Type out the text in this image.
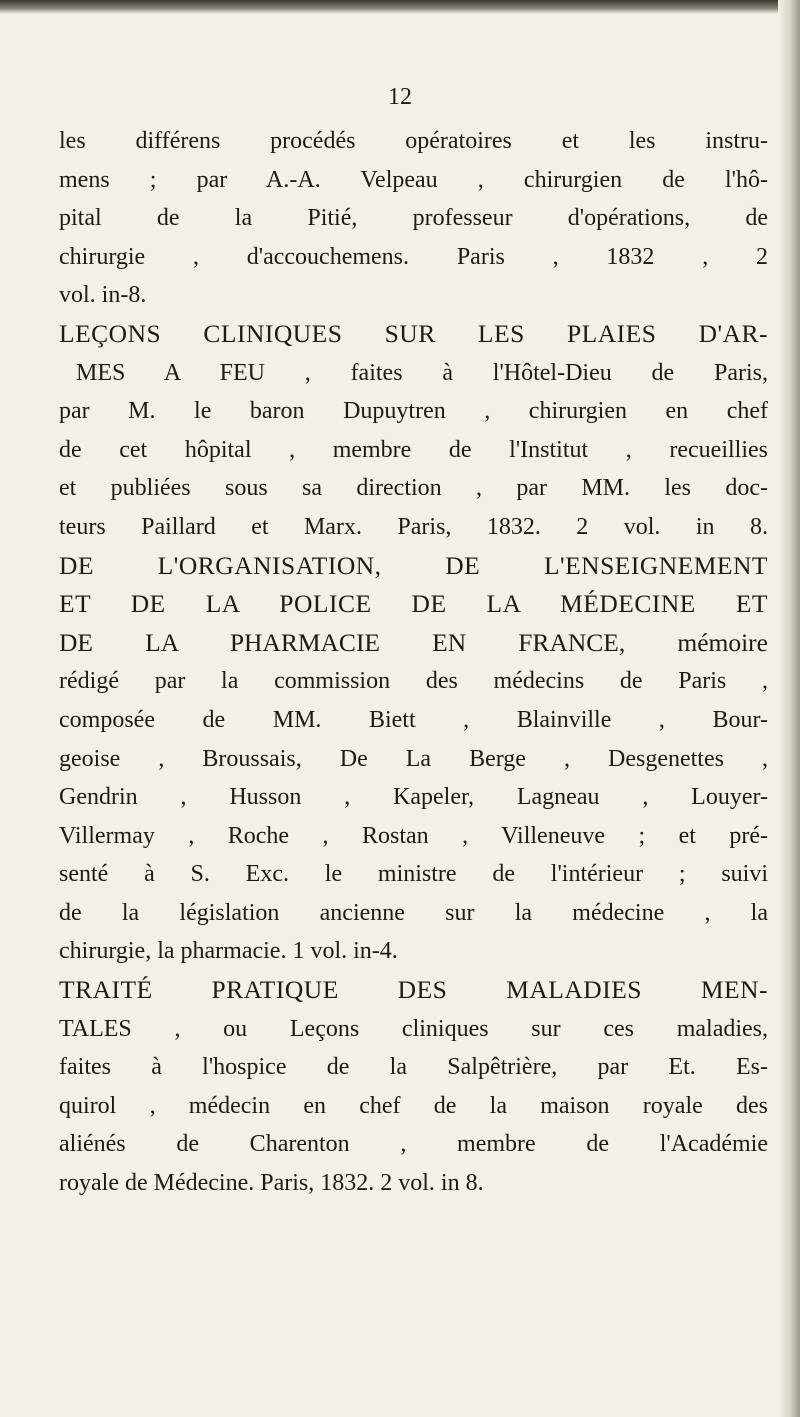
12
les différens procédés opératoires et les instru-
mens ; par A.-A. Velpeau , chirurgien de l'hô-
pital de la Pitié, professeur d'opérations, de
chirurgie , d'accouchemens. Paris , 1832 , 2
vol. in-8.
LEÇONS CLINIQUES SUR LES PLAIES D'AR-
MES A FEU , faites à l'Hôtel-Dieu de Paris,
par M. le baron Dupuytren , chirurgien en chef
de cet hôpital , membre de l'Institut , recueillies
et publiées sous sa direction , par MM. les doc-
teurs Paillard et Marx. Paris, 1832. 2 vol. in 8.
DE L'ORGANISATION, DE L'ENSEIGNEMENT
ET DE LA POLICE DE LA MÉDECINE ET
DE LA PHARMACIE EN FRANCE, mémoire
rédigé par la commission des médecins de Paris ,
composée de MM. Biett , Blainville , Bour-
geoise , Broussais, De La Berge , Desgenettes ,
Gendrin , Husson , Kapeler, Lagneau , Louyer-
Villermay , Roche , Rostan , Villeneuve ; et pré-
senté à S. Exc. le ministre de l'intérieur ; suivi
de la législation ancienne sur la médecine , la
chirurgie, la pharmacie. 1 vol. in-4.
TRAITÉ PRATIQUE DES MALADIES MEN-
TALES , ou Leçons cliniques sur ces maladies,
faites à l'hospice de la Salpêtrière, par Et. Es-
quirol , médecin en chef de la maison royale des
aliénés de Charenton , membre de l'Académie
royale de Médecine. Paris, 1832. 2 vol. in 8.
